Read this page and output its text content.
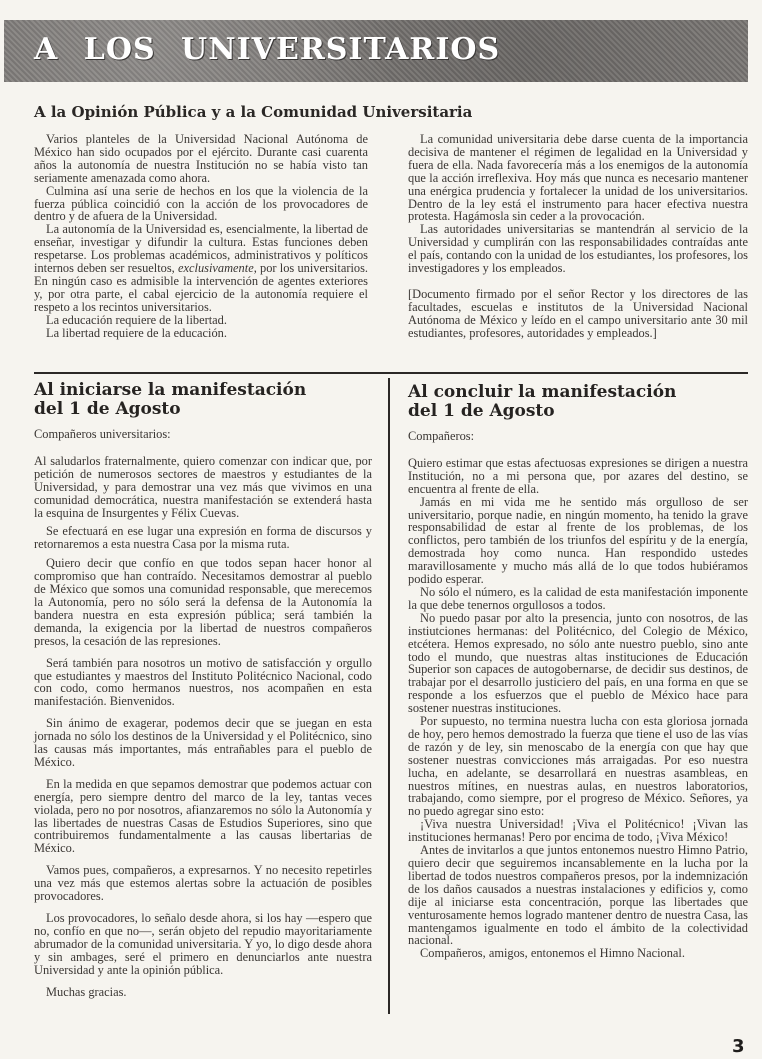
A LOS UNIVERSITARIOS
A la Opinión Pública y a la Comunidad Universitaria

Varios planteles de la Universidad Nacional Autónoma de México han sido ocupados por el ejército. Durante casi cuarenta años la autonomía de nuestra Institución no se había visto tan seriamente amenazada como ahora.

Culmina así una serie de hechos en los que la violencia de la fuerza pública coincidió con la acción de los provocadores de dentro y de afuera de la Universidad.

La autonomía de la Universidad es, esencialmente, la libertad de enseñar, investigar y difundir la cultura. Estas funciones deben respetarse. Los problemas académicos, administrativos y políticos internos deben ser resueltos, exclusivamente, por los universitarios. En ningún caso es admisible la intervención de agentes exteriores y, por otra parte, el cabal ejercicio de la autonomía requiere el respeto a los recintos universitarios.

La educación requiere de la libertad.

La libertad requiere de la educación.

La comunidad universitaria debe darse cuenta de la importancia decisiva de mantener el régimen de legalidad en la Universidad y fuera de ella. Nada favorecería más a los enemigos de la autonomía que la acción irreflexiva. Hoy más que nunca es necesario mantener una enérgica prudencia y fortalecer la unidad de los universitarios. Dentro de la ley está el instrumento para hacer efectiva nuestra protesta. Hagámosla sin ceder a la provocación.

Las autoridades universitarias se mantendrán al servicio de la Universidad y cumplirán con las responsabilidades contraídas ante el país, contando con la unidad de los estudiantes, los profesores, los investigadores y los empleados.

[Documento firmado por el señor Rector y los directores de las facultades, escuelas e institutos de la Universidad Nacional Autónoma de México y leído en el campo universitario ante 30 mil estudiantes, profesores, autoridades y empleados.]

Al iniciarse la manifestación
del 1 de Agosto

Compañeros universitarios:

Al saludarlos fraternalmente, quiero comenzar con indicar que, por petición de numerosos sectores de maestros y estudiantes de la Universidad, y para demostrar una vez más que vivimos en una comunidad democrática, nuestra manifestación se extenderá hasta la esquina de Insurgentes y Félix Cuevas.

Se efectuará en ese lugar una expresión en forma de discursos y retornaremos a esta nuestra Casa por la misma ruta.

Quiero decir que confío en que todos sepan hacer honor al compromiso que han contraído. Necesitamos demostrar al pueblo de México que somos una comunidad responsable, que merecemos la Autonomía, pero no sólo será la defensa de la Autonomía la bandera nuestra en esta expresión pública; será también la demanda, la exigencia por la libertad de nuestros compañeros presos, la cesación de las represiones.

Será también para nosotros un motivo de satisfacción y orgullo que estudiantes y maestros del Instituto Politécnico Nacional, codo con codo, como hermanos nuestros, nos acompañen en esta manifestación. Bienvenidos.

Sin ánimo de exagerar, podemos decir que se juegan en esta jornada no sólo los destinos de la Universidad y el Politécnico, sino las causas más importantes, más entrañables para el pueblo de México.

En la medida en que sepamos demostrar que podemos actuar con energía, pero siempre dentro del marco de la ley, tantas veces violada, pero no por nosotros, afianzaremos no sólo la Autonomía y las libertades de nuestras Casas de Estudios Superiores, sino que contribuiremos fundamentalmente a las causas libertarias de México.

Vamos pues, compañeros, a expresarnos. Y no necesito repetirles una vez más que estemos alertas sobre la actuación de posibles provocadores.

Los provocadores, lo señalo desde ahora, si los hay —espero que no, confío en que no—, serán objeto del repudio mayoritariamente abrumador de la comunidad universitaria. Y yo, lo digo desde ahora y sin ambages, seré el primero en denunciarlos ante nuestra Universidad y ante la opinión pública.

Muchas gracias.

Al concluir la manifestación
del 1 de Agosto

Compañeros:

Quiero estimar que estas afectuosas expresiones se dirigen a nuestra Institución, no a mi persona que, por azares del destino, se encuentra al frente de ella.

Jamás en mi vida me he sentido más orgulloso de ser universitario, porque nadie, en ningún momento, ha tenido la grave responsabilidad de estar al frente de los problemas, de los conflictos, pero también de los triunfos del espíritu y de la energía, demostrada hoy como nunca. Han respondido ustedes maravillosamente y mucho más allá de lo que todos hubiéramos podido esperar.

No sólo el número, es la calidad de esta manifestación imponente la que debe tenernos orgullosos a todos.

No puedo pasar por alto la presencia, junto con nosotros, de las instiutciones hermanas: del Politécnico, del Colegio de México, etcétera. Hemos expresado, no sólo ante nuestro pueblo, sino ante todo el mundo, que nuestras altas instituciones de Educación Superior son capaces de autogobernarse, de decidir sus destinos, de trabajar por el desarrollo justiciero del país, en una forma en que se responde a los esfuerzos que el pueblo de México hace para sostener nuestras instituciones.

Por supuesto, no termina nuestra lucha con esta gloriosa jornada de hoy, pero hemos demostrado la fuerza que tiene el uso de las vías de razón y de ley, sin menoscabo de la energía con que hay que sostener nuestras convicciones más arraigadas. Por eso nuestra lucha, en adelante, se desarrollará en nuestras asambleas, en nuestros mítines, en nuestras aulas, en nuestros laboratorios, trabajando, como siempre, por el progreso de México. Señores, ya no puedo agregar sino esto:

¡Viva nuestra Universidad! ¡Viva el Politécnico! ¡Vivan las instituciones hermanas! Pero por encima de todo, ¡Viva México!

Antes de invitarlos a que juntos entonemos nuestro Himno Patrio, quiero decir que seguiremos incansablemente en la lucha por la libertad de todos nuestros compañeros presos, por la indemnización de los daños causados a nuestras instalaciones y edificios y, como dije al iniciarse esta concentración, porque las libertades que venturosamente hemos logrado mantener dentro de nuestra Casa, las mantengamos igualmente en todo el ámbito de la colectividad nacional.

Compañeros, amigos, entonemos el Himno Nacional.

3
